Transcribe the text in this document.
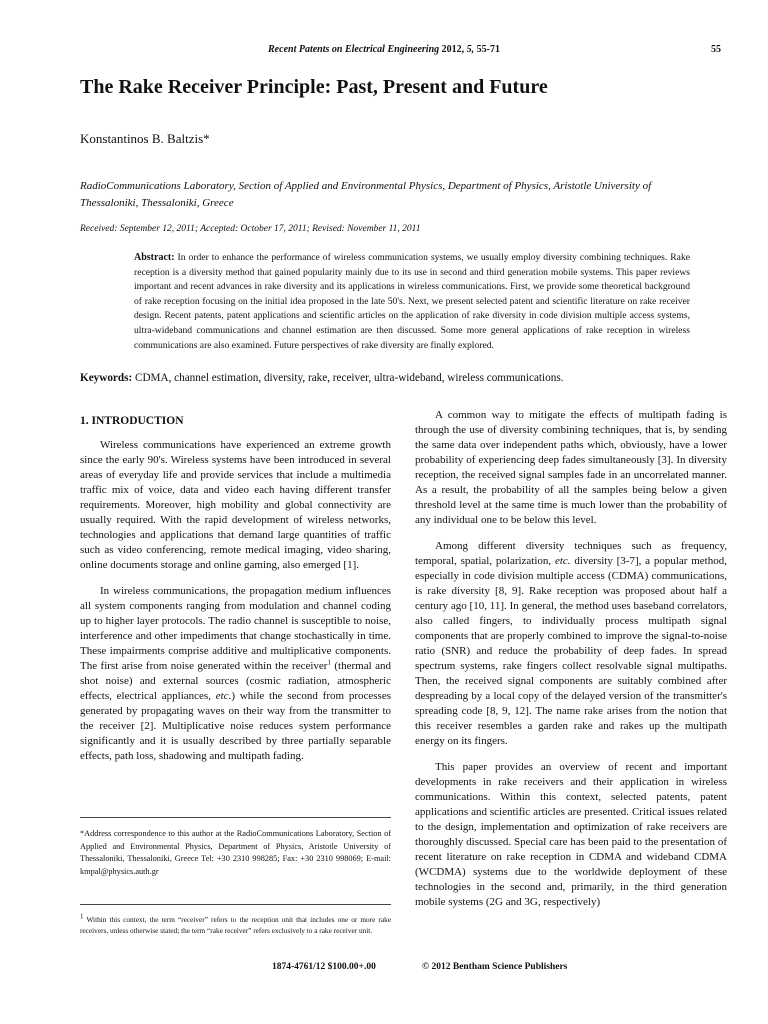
Recent Patents on Electrical Engineering 2012, 5, 55-71	55
The Rake Receiver Principle: Past, Present and Future
Konstantinos B. Baltzis*
RadioCommunications Laboratory, Section of Applied and Environmental Physics, Department of Physics, Aristotle University of Thessaloniki, Thessaloniki, Greece
Received: September 12, 2011; Accepted: October 17, 2011; Revised: November 11, 2011

Abstract: In order to enhance the performance of wireless communication systems, we usually employ diversity combining techniques. Rake reception is a diversity method that gained popularity mainly due to its use in second and third generation mobile systems. This paper reviews important and recent advances in rake diversity and its applications in wireless communications. First, we provide some theoretical background of rake reception focusing on the initial idea proposed in the late 50's. Next, we present selected patent and scientific literature on rake receiver design. Recent patents, patent applications and scientific articles on the application of rake diversity in code division multiple access systems, ultra-wideband communications and channel estimation are then discussed. Some more general applications of rake reception in wireless communications are also examined. Future perspectives of rake diversity are finally explored.

Keywords: CDMA, channel estimation, diversity, rake, receiver, ultra-wideband, wireless communications.
1. INTRODUCTION

Wireless communications have experienced an extreme growth since the early 90's. Wireless systems have been introduced in several areas of everyday life and provide services that include a multimedia traffic mix of voice, data and video each having different transfer requirements. Moreover, high mobility and global connectivity are usually required. With the rapid development of wireless networks, technologies and applications that demand large quantities of traffic such as video conferencing, remote medical imaging, video sharing, online documents storage and online gaming, also emerged [1].

In wireless communications, the propagation medium influences all system components ranging from modulation and channel coding up to higher layer protocols. The radio channel is susceptible to noise, interference and other impediments that change stochastically in time. These impairments comprise additive and multiplicative components. The first arise from noise generated within the receiver$^1$ (thermal and shot noise) and external sources (cosmic radiation, atmospheric effects, electrical appliances, etc.) while the second from processes generated by propagating waves on their way from the transmitter to the receiver [2]. Multiplicative noise reduces system performance significantly and it is usually described by three partially separable effects, path loss, shadowing and multipath fading.

A common way to mitigate the effects of multipath fading is through the use of diversity combining techniques, that is, by sending the same data over independent paths which, obviously, have a lower probability of experiencing deep fades simultaneously [3]. In diversity reception, the received signal samples fade in an uncorrelated manner. As a result, the probability of all the samples being below a given threshold level at the same time is much lower than the probability of any individual one to be below this level.

Among different diversity techniques such as frequency, temporal, spatial, polarization, etc. diversity [3-7], a popular method, especially in code division multiple access (CDMA) communications, is rake diversity [8, 9]. Rake reception was proposed about half a century ago [10, 11]. In general, the method uses baseband correlators, also called fingers, to individually process multipath signal components that are properly combined to improve the signal-to-noise ratio (SNR) and reduce the probability of deep fades. In spread spectrum systems, rake fingers collect resolvable signal multipaths. Then, the received signal components are suitably combined after despreading by a local copy of the delayed version of the transmitter's spreading code [8, 9, 12]. The name rake arises from the notion that this receiver resembles a garden rake and rakes up the multipath energy on its fingers.

This paper provides an overview of recent and important developments in rake receivers and their application in wireless communications. Within this context, selected patents, patent applications and scientific articles are presented. Critical issues related to the design, implementation and optimization of rake receivers are thoroughly discussed. Special care has been paid to the presentation of recent literature on rake reception in CDMA and wideband CDMA (WCDMA) systems due to the worldwide deployment of these technologies in the second and, primarily, in the third generation mobile systems (2G and 3G, respectively)

*Address correspondence to this author at the RadioCommunications Laboratory, Section of Applied and Environmental Physics, Department of Physics, Aristotle University of Thessaloniki, Thessaloniki, Greece Tel: +30 2310 998285; Fax: +30 2310 998069; E-mail: kmpal@physics.auth.gr

$^1$ Within this context, the term “receiver” refers to the reception unit that includes one or more rake receivers, unless otherwise stated; the term “rake receiver” refers exclusively to a rake receiver unit.

1874-4761/12 $100.00+.00	© 2012 Bentham Science Publishers
